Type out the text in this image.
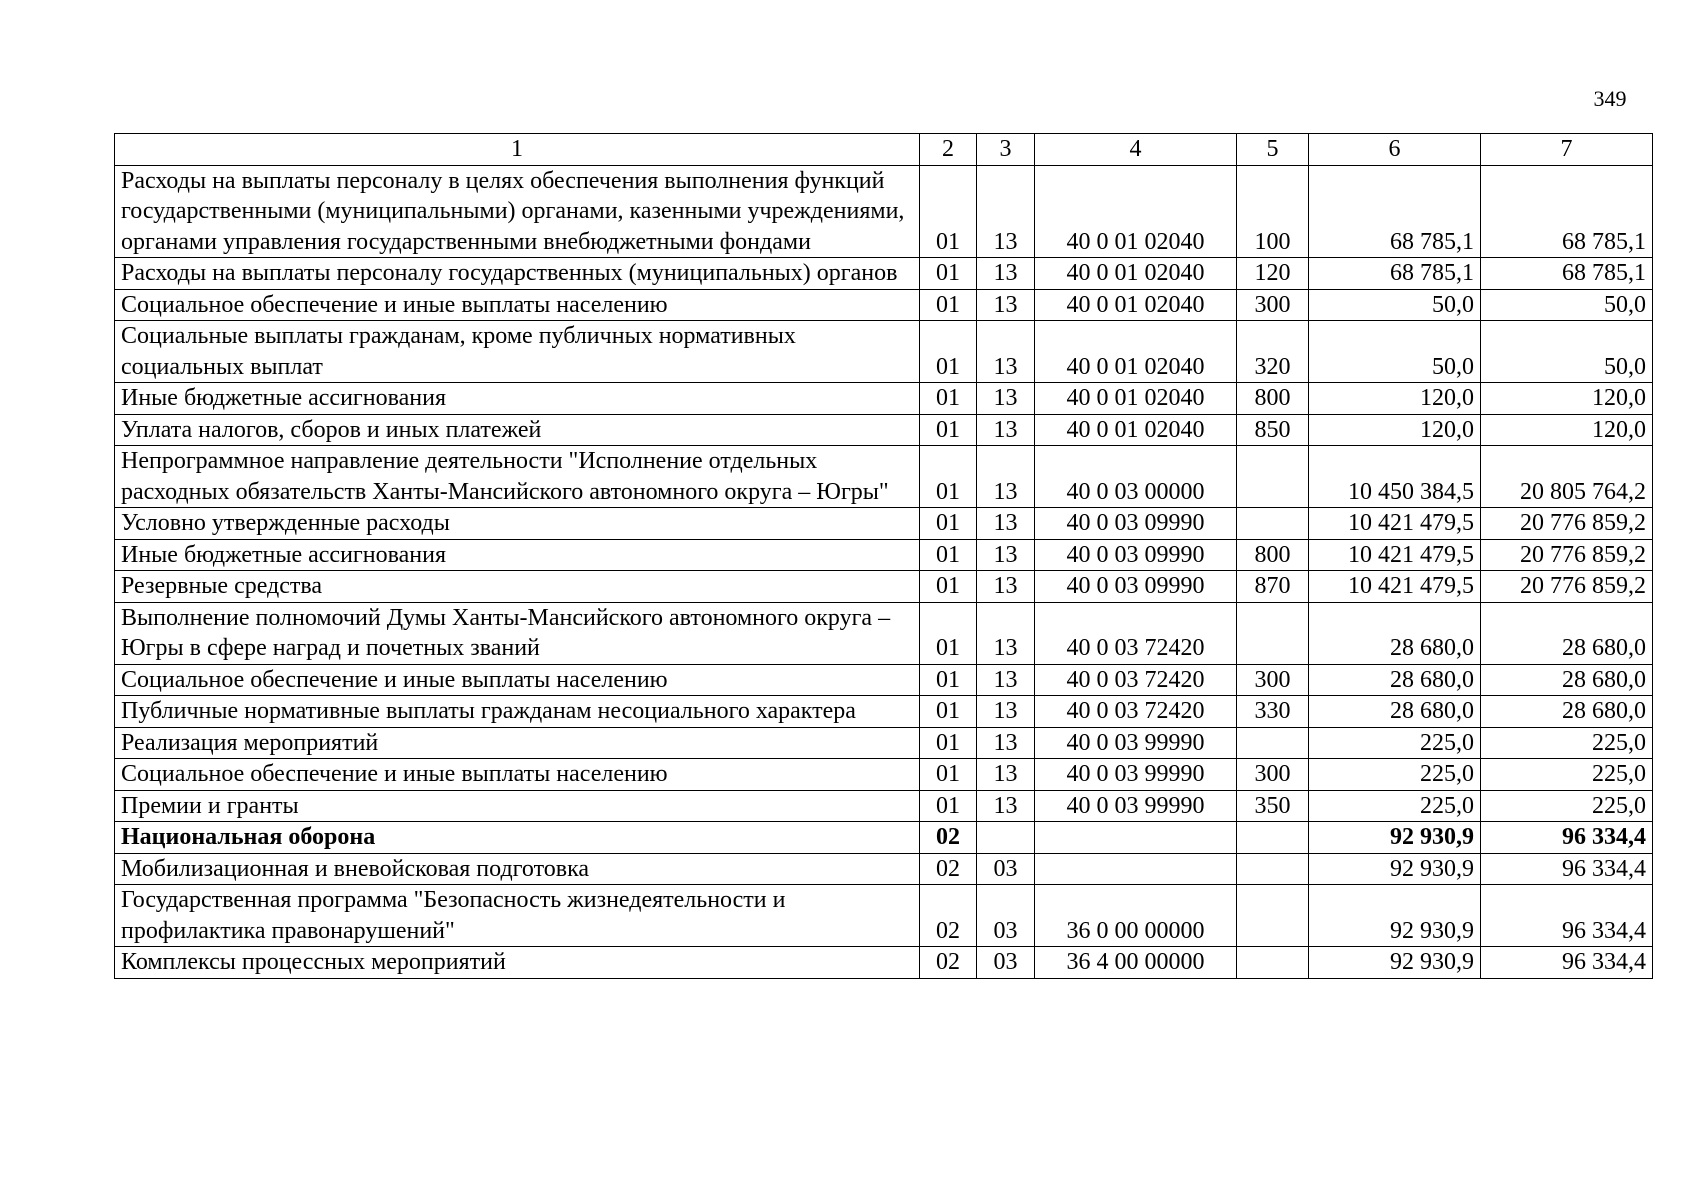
349
1	2	3	4	5	6	7
Расходы на выплаты персоналу в целях обеспечения выполнения функций государственными (муниципальными) органами, казенными учреждениями, органами управления государственными внебюджетными фондами	01	13	40 0 01 02040	100	68 785,1	68 785,1
Расходы на выплаты персоналу государственных (муниципальных) органов	01	13	40 0 01 02040	120	68 785,1	68 785,1
Социальное обеспечение и иные выплаты населению	01	13	40 0 01 02040	300	50,0	50,0
Социальные выплаты гражданам, кроме публичных нормативных социальных выплат	01	13	40 0 01 02040	320	50,0	50,0
Иные бюджетные ассигнования	01	13	40 0 01 02040	800	120,0	120,0
Уплата налогов, сборов и иных платежей	01	13	40 0 01 02040	850	120,0	120,0
Непрограммное направление деятельности "Исполнение отдельных расходных обязательств Ханты-Мансийского автономного округа – Югры"	01	13	40 0 03 00000		10 450 384,5	20 805 764,2
Условно утвержденные расходы	01	13	40 0 03 09990		10 421 479,5	20 776 859,2
Иные бюджетные ассигнования	01	13	40 0 03 09990	800	10 421 479,5	20 776 859,2
Резервные средства	01	13	40 0 03 09990	870	10 421 479,5	20 776 859,2
Выполнение полномочий Думы Ханты-Мансийского автономного округа – Югры в сфере наград и почетных званий	01	13	40 0 03 72420		28 680,0	28 680,0
Социальное обеспечение и иные выплаты населению	01	13	40 0 03 72420	300	28 680,0	28 680,0
Публичные нормативные выплаты гражданам несоциального характера	01	13	40 0 03 72420	330	28 680,0	28 680,0
Реализация мероприятий	01	13	40 0 03 99990		225,0	225,0
Социальное обеспечение и иные выплаты населению	01	13	40 0 03 99990	300	225,0	225,0
Премии и гранты	01	13	40 0 03 99990	350	225,0	225,0
Национальная оборона	02				92 930,9	96 334,4
Мобилизационная и вневойсковая подготовка	02	03			92 930,9	96 334,4
Государственная программа "Безопасность жизнедеятельности и профилактика правонарушений"	02	03	36 0 00 00000		92 930,9	96 334,4
Комплексы процессных мероприятий	02	03	36 4 00 00000		92 930,9	96 334,4
